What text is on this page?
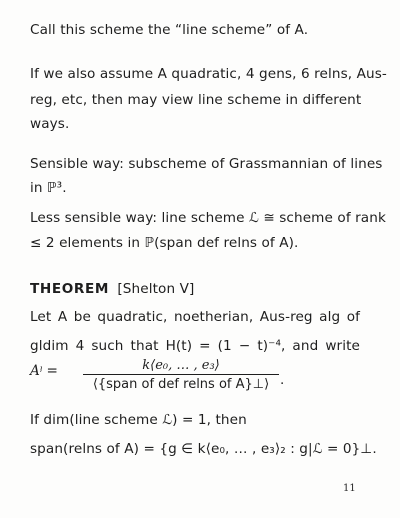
Call this scheme the “line scheme” of A.
If we also assume A quadratic, 4 gens, 6 relns, Aus-
reg, etc, then may view line scheme in different
ways.
Sensible way: subscheme of Grassmannian of lines
in ℙ³.
Less sensible way: line scheme ℒ ≅ scheme of rank
≤ 2 elements in ℙ(span def relns of A).
THEOREM [Shelton V]
Let A be quadratic, noetherian, Aus-reg alg of
gldim 4 such that H(t) = (1 − t)⁻⁴, and write
Aᵎ =	k⟨e₀, … , e₃⟩
⟨{span of def relns of A}⊥⟩ .
If dim(line scheme ℒ) = 1, then
span(relns of A) = {g ∈ k⟨e₀, … , e₃⟩₂ : g|ℒ = 0}⊥.
11
